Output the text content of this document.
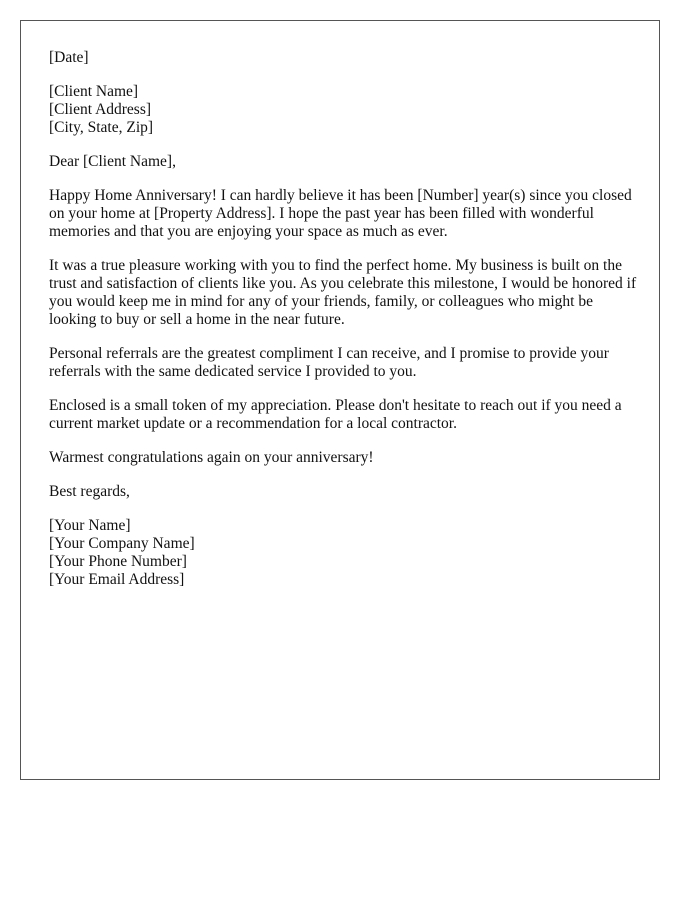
[Date]
[Client Name]
[Client Address]
[City, State, Zip]
Dear [Client Name],

Happy Home Anniversary! I can hardly believe it has been [Number] year(s) since you closed on your home at [Property Address]. I hope the past year has been filled with wonderful memories and that you are enjoying your space as much as ever.

It was a true pleasure working with you to find the perfect home. My business is built on the trust and satisfaction of clients like you. As you celebrate this milestone, I would be honored if you would keep me in mind for any of your friends, family, or colleagues who might be looking to buy or sell a home in the near future.

Personal referrals are the greatest compliment I can receive, and I promise to provide your referrals with the same dedicated service I provided to you.

Enclosed is a small token of my appreciation. Please don't hesitate to reach out if you need a current market update or a recommendation for a local contractor.

Warmest congratulations again on your anniversary!

Best regards,
[Your Name]
[Your Company Name]
[Your Phone Number]
[Your Email Address]
